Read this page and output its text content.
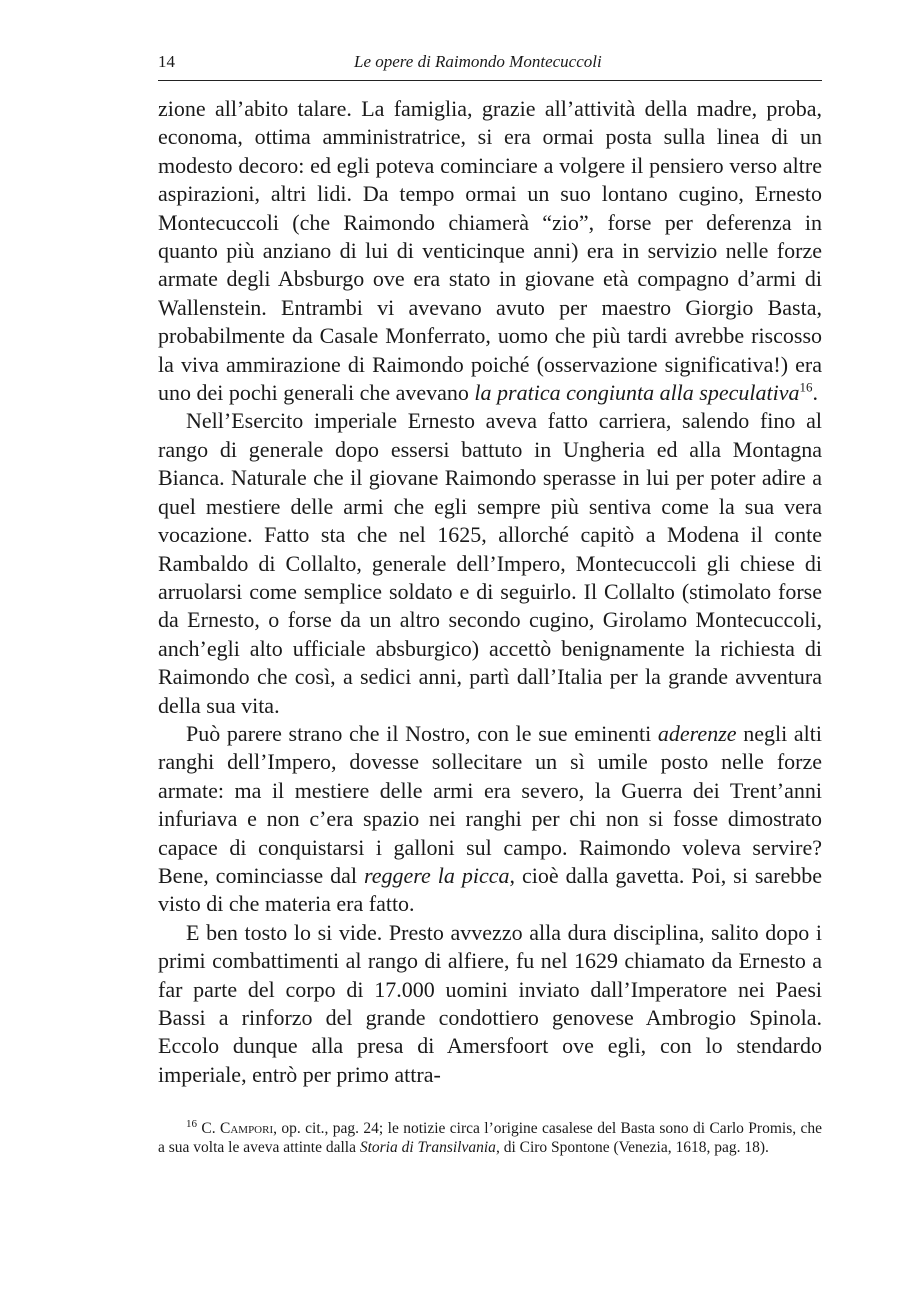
14	Le opere di Raimondo Montecuccoli

zione all’abito talare. La famiglia, grazie all’attività della madre, proba, economa, ottima amministratrice, si era ormai posta sulla linea di un modesto decoro: ed egli poteva cominciare a volgere il pensiero verso altre aspirazioni, altri lidi. Da tempo ormai un suo lontano cugino, Ernesto Montecuccoli (che Raimondo chiamerà “zio”, forse per deferenza in quanto più anziano di lui di venticinque anni) era in servizio nelle forze armate degli Absburgo ove era stato in giovane età compagno d’armi di Wallenstein. Entrambi vi avevano avuto per maestro Giorgio Basta, probabilmente da Casale Monferrato, uomo che più tardi avrebbe riscosso la viva ammirazione di Raimondo poiché (osservazione significativa!) era uno dei pochi generali che avevano la pratica congiunta alla speculativa$^{16}$.

Nell’Esercito imperiale Ernesto aveva fatto carriera, salendo fino al rango di generale dopo essersi battuto in Ungheria ed alla Montagna Bianca. Naturale che il giovane Raimondo sperasse in lui per poter adire a quel mestiere delle armi che egli sempre più sentiva come la sua vera vocazione. Fatto sta che nel 1625, allorché capitò a Modena il conte Rambaldo di Collalto, generale dell’Impero, Montecuccoli gli chiese di arruolarsi come semplice soldato e di seguirlo. Il Collalto (stimolato forse da Ernesto, o forse da un altro secondo cugino, Girolamo Montecuccoli, anch’egli alto ufficiale absburgico) accettò benignamente la richiesta di Raimondo che così, a sedici anni, partì dall’Italia per la grande avventura della sua vita.

Può parere strano che il Nostro, con le sue eminenti aderenze negli alti ranghi dell’Impero, dovesse sollecitare un sì umile posto nelle forze armate: ma il mestiere delle armi era severo, la Guerra dei Trent’anni infuriava e non c’era spazio nei ranghi per chi non si fosse dimostrato capace di conquistarsi i galloni sul campo. Raimondo voleva servire? Bene, cominciasse dal reggere la picca, cioè dalla gavetta. Poi, si sarebbe visto di che materia era fatto.

E ben tosto lo si vide. Presto avvezzo alla dura disciplina, salito dopo i primi combattimenti al rango di alfiere, fu nel 1629 chiamato da Ernesto a far parte del corpo di 17.000 uomini inviato dall’Imperatore nei Paesi Bassi a rinforzo del grande condottiero genovese Ambrogio Spinola. Eccolo dunque alla presa di Amersfoort ove egli, con lo stendardo imperiale, entrò per primo attra-

$^{16}$ C. Campori, op. cit., pag. 24; le notizie circa l’origine casalese del Basta sono di Carlo Promis, che a sua volta le aveva attinte dalla Storia di Transilvania, di Ciro Spontone (Venezia, 1618, pag. 18).
